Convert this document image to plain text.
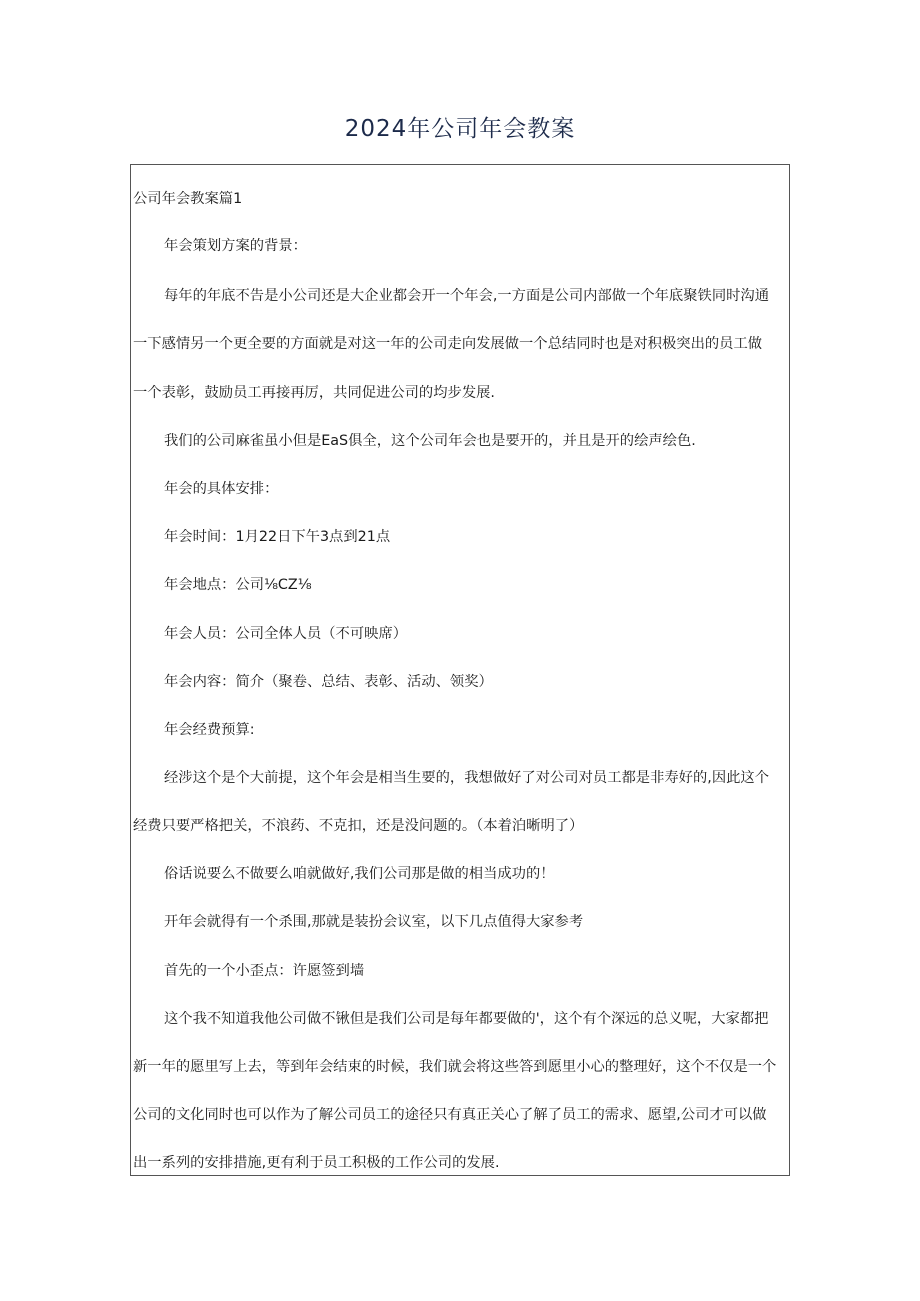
2024年公司年会教案
公司年会教案篇1
年会策划方案的背景：
每年的年底不告是小公司还是大企业都会开一个年会,一方面是公司内部做一个年底聚铁同时沟通
一下感情另一个更全要的方面就是对这一年的公司走向发展做一个总结同时也是对积极突出的员工做
一个表彰，鼓励员工再接再厉，共同促进公司的均步发展.
我们的公司麻雀虽小但是EaS俱全，这个公司年会也是要开的，并且是开的绘声绘色.
年会的具体安排：
年会时间：1月22日下午3点到21点
年会地点：公司⅛CZ⅛
年会人员：公司全体人员（不可映席）
年会内容：简介（聚卷、总结、表彰、活动、领奖）
年会经费预算:
经涉这个是个大前提，这个年会是相当生要的，我想做好了对公司对员工都是非寿好的,因此这个
经费只要严格把关，不浪药、不克扣，还是没问题的。（本着泊晰明了）
俗话说要么不做要么咱就做好,我们公司那是做的相当成功的！
开年会就得有一个杀围,那就是装扮会议室，以下几点值得大家参考
首先的一个小歪点：许愿签到墙
这个我不知道我他公司做不锹但是我们公司是每年都要做的'，这个有个深远的总义呢，大家都把
新一年的愿里写上去，等到年会结束的时候，我们就会将这些答到愿里小心的整理好，这个不仅是一个
公司的文化同时也可以作为了解公司员工的途径只有真正关心了解了员工的需求、愿望,公司才可以做
出一系列的安排措施,更有利于员工积极的工作公司的发展.
